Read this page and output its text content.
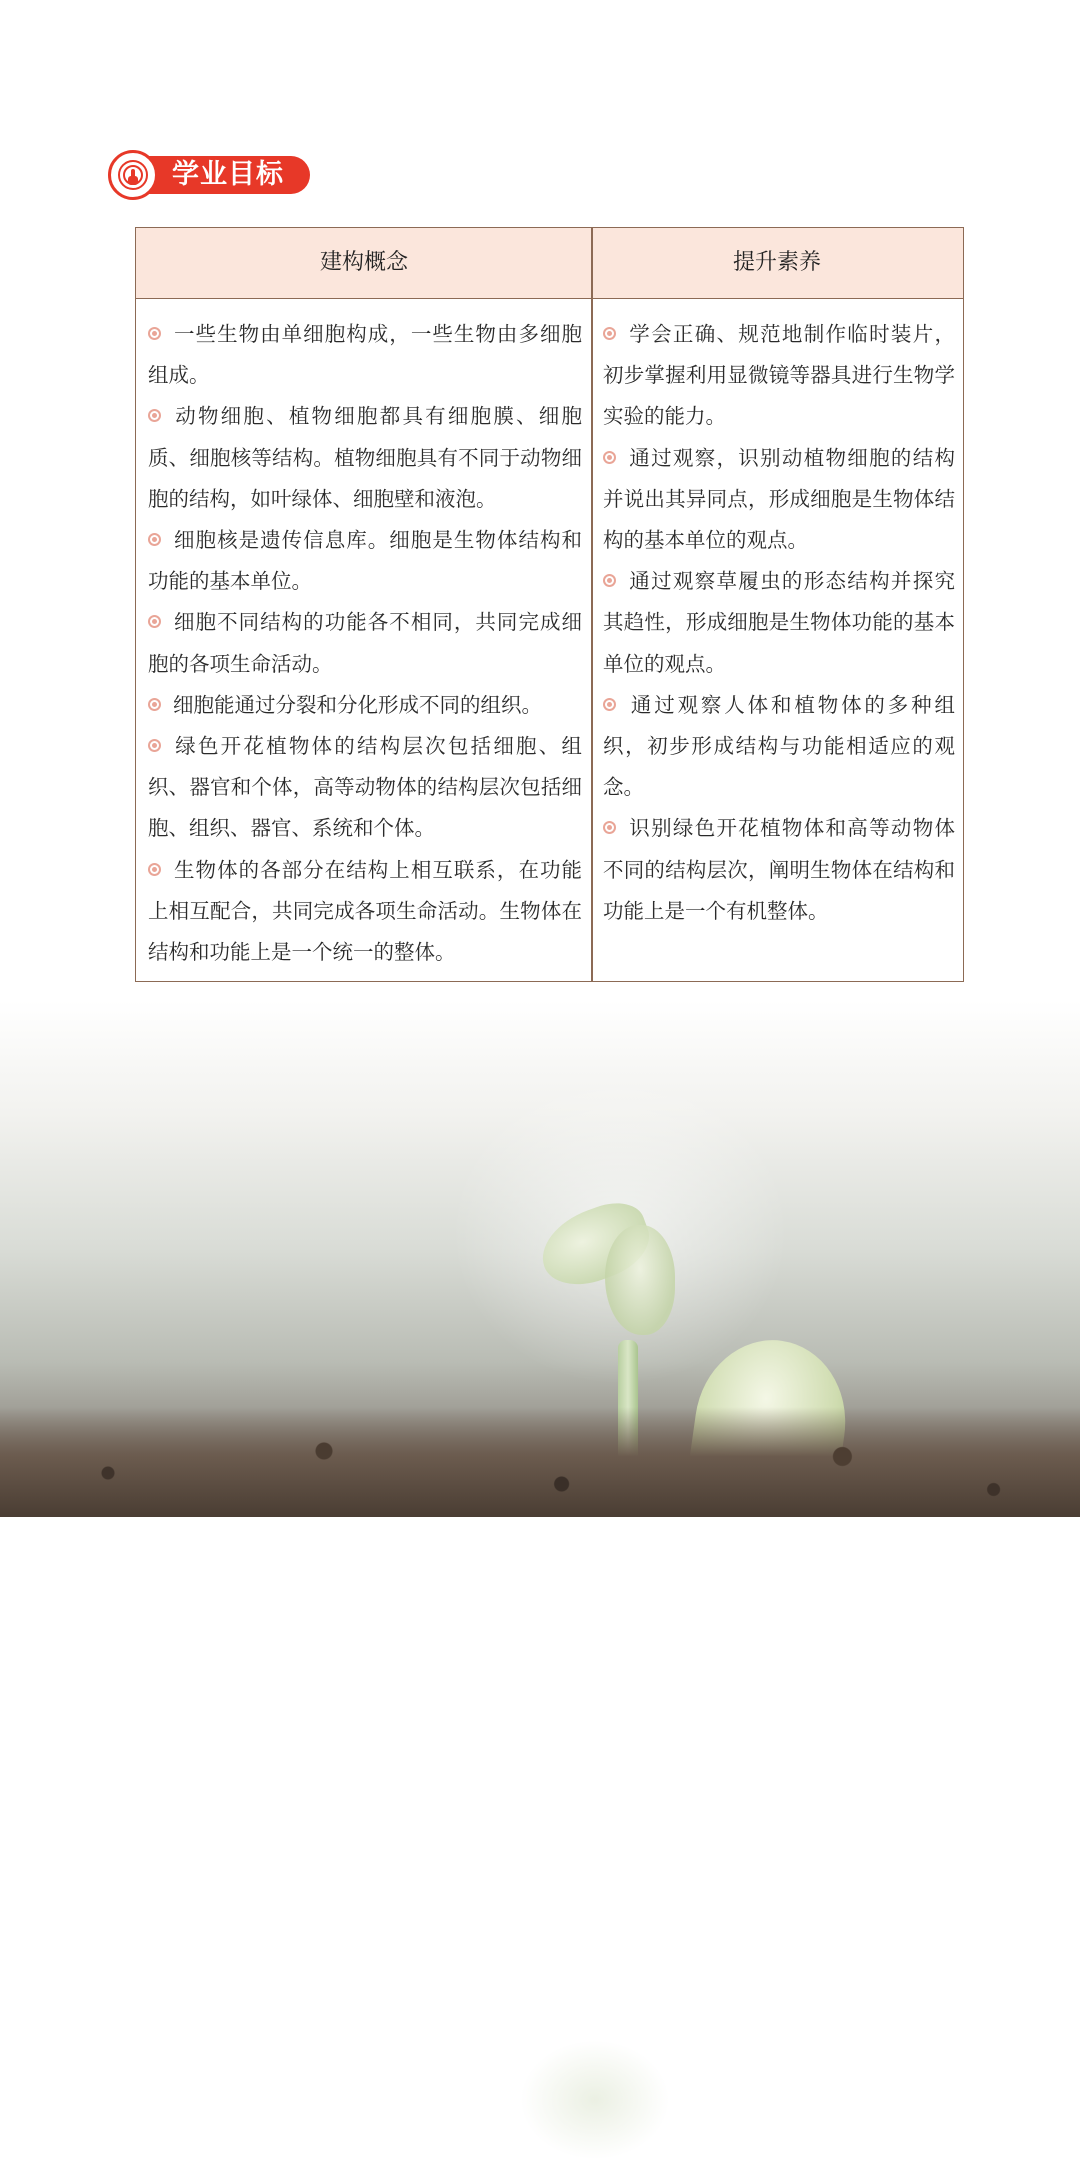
学业目标
建构概念	提升素养

一些生物由单细胞构成，一些生物由多细胞组成。

动物细胞、植物细胞都具有细胞膜、细胞质、细胞核等结构。植物细胞具有不同于动物细胞的结构，如叶绿体、细胞壁和液泡。

细胞核是遗传信息库。细胞是生物体结构和功能的基本单位。

细胞不同结构的功能各不相同，共同完成细胞的各项生命活动。

细胞能通过分裂和分化形成不同的组织。

绿色开花植物体的结构层次包括细胞、组织、器官和个体，高等动物体的结构层次包括细胞、组织、器官、系统和个体。

生物体的各部分在结构上相互联系，在功能上相互配合，共同完成各项生命活动。生物体在结构和功能上是一个统一的整体。

学会正确、规范地制作临时装片，初步掌握利用显微镜等器具进行生物学实验的能力。

通过观察，识别动植物细胞的结构并说出其异同点，形成细胞是生物体结构的基本单位的观点。

通过观察草履虫的形态结构并探究其趋性，形成细胞是生物体功能的基本单位的观点。

通过观察人体和植物体的多种组织，初步形成结构与功能相适应的观念。

识别绿色开花植物体和高等动物体不同的结构层次，阐明生物体在结构和功能上是一个有机整体。
